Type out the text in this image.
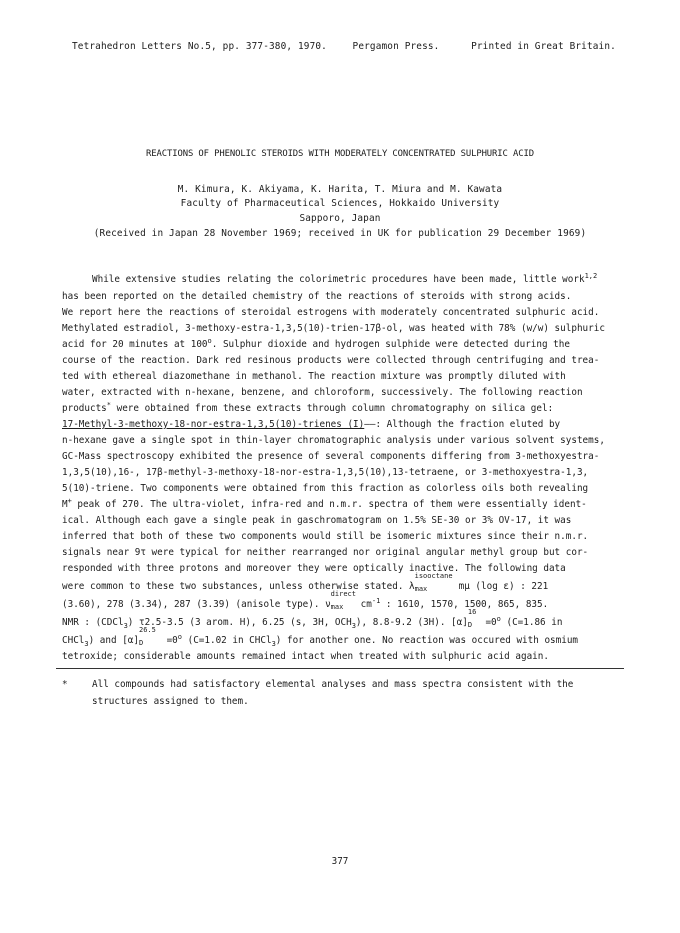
Tetrahedron Letters No.5, pp. 377-380, 1970.	Pergamon Press.	Printed in Great Britain.
REACTIONS OF PHENOLIC STEROIDS WITH MODERATELY CONCENTRATED SULPHURIC ACID
M. Kimura, K. Akiyama, K. Harita, T. Miura and M. Kawata
Faculty of Pharmaceutical Sciences, Hokkaido University
Sapporo, Japan
(Received in Japan 28 November 1969; received in UK for publication 29 December 1969)
While extensive studies relating the colorimetric procedures have been made, little work$^{1,2}$
has been reported on the detailed chemistry of the reactions of steroids with strong acids.
We report here the reactions of steroidal estrogens with moderately concentrated sulphuric acid.
Methylated estradiol, 3-methoxy-estra-1,3,5(10)-trien-17β-ol, was heated with 78% (w/w) sulphuric
acid for 20 minutes at 100$^o$. Sulphur dioxide and hydrogen sulphide were detected during the
course of the reaction. Dark red resinous products were collected through centrifuging and trea-
ted with ethereal diazomethane in methanol. The reaction mixture was promptly diluted with
water, extracted with n-hexane, benzene, and chloroform, successively. The following reaction
products* were obtained from these extracts through column chromatography on silica gel:
17-Methyl-3-methoxy-18-nor-estra-1,3,5(10)-trienes (I)——: Although the fraction eluted by
n-hexane gave a single spot in thin-layer chromatographic analysis under various solvent systems,
GC-Mass spectroscopy exhibited the presence of several components differing from 3-methoxyestra-
1,3,5(10),16-, 17β-methyl-3-methoxy-18-nor-estra-1,3,5(10),13-tetraene, or 3-methoxyestra-1,3,
5(10)-triene. Two components were obtained from this fraction as colorless oils both revealing
M+ peak of 270. The ultra-violet, infra-red and n.m.r. spectra of them were essentially ident-
ical. Although each gave a single peak in gaschromatogram on 1.5% SE-30 or 3% OV-17, it was
inferred that both of these two components would still be isomeric mixtures since their n.m.r.
signals near 9τ were typical for neither rearranged nor original angular methyl group but cor-
responded with three protons and moreover they were optically inactive. The following data
were common to these two substances, unless otherwise stated. λ
isooctane
max	mμ (log ε) : 221
(3.60), 278 (3.34), 287 (3.39) (anisole type). ν
direct
$\max cm^{-1}$ : 1610, 1570, 1500, 865, 835.
NMR : (CDCl$_3$) τ2.5-3.5 (3 arom. H), 6.25 (s, 3H, $OCH_3$), 8.8-9.2 (3H). [α]
16
$D =0^o$ (C=1.86 in
CHCl$_3$) and [α]
26.5
$D =0^o$ (C=1.02 in CHCl$_3$) for another one. No reaction was occured with osmium
tetroxide; considerable amounts remained intact when treated with sulphuric acid again.
*	All compounds had satisfactory elemental analyses and mass spectra consistent with the
structures assigned to them.
377
